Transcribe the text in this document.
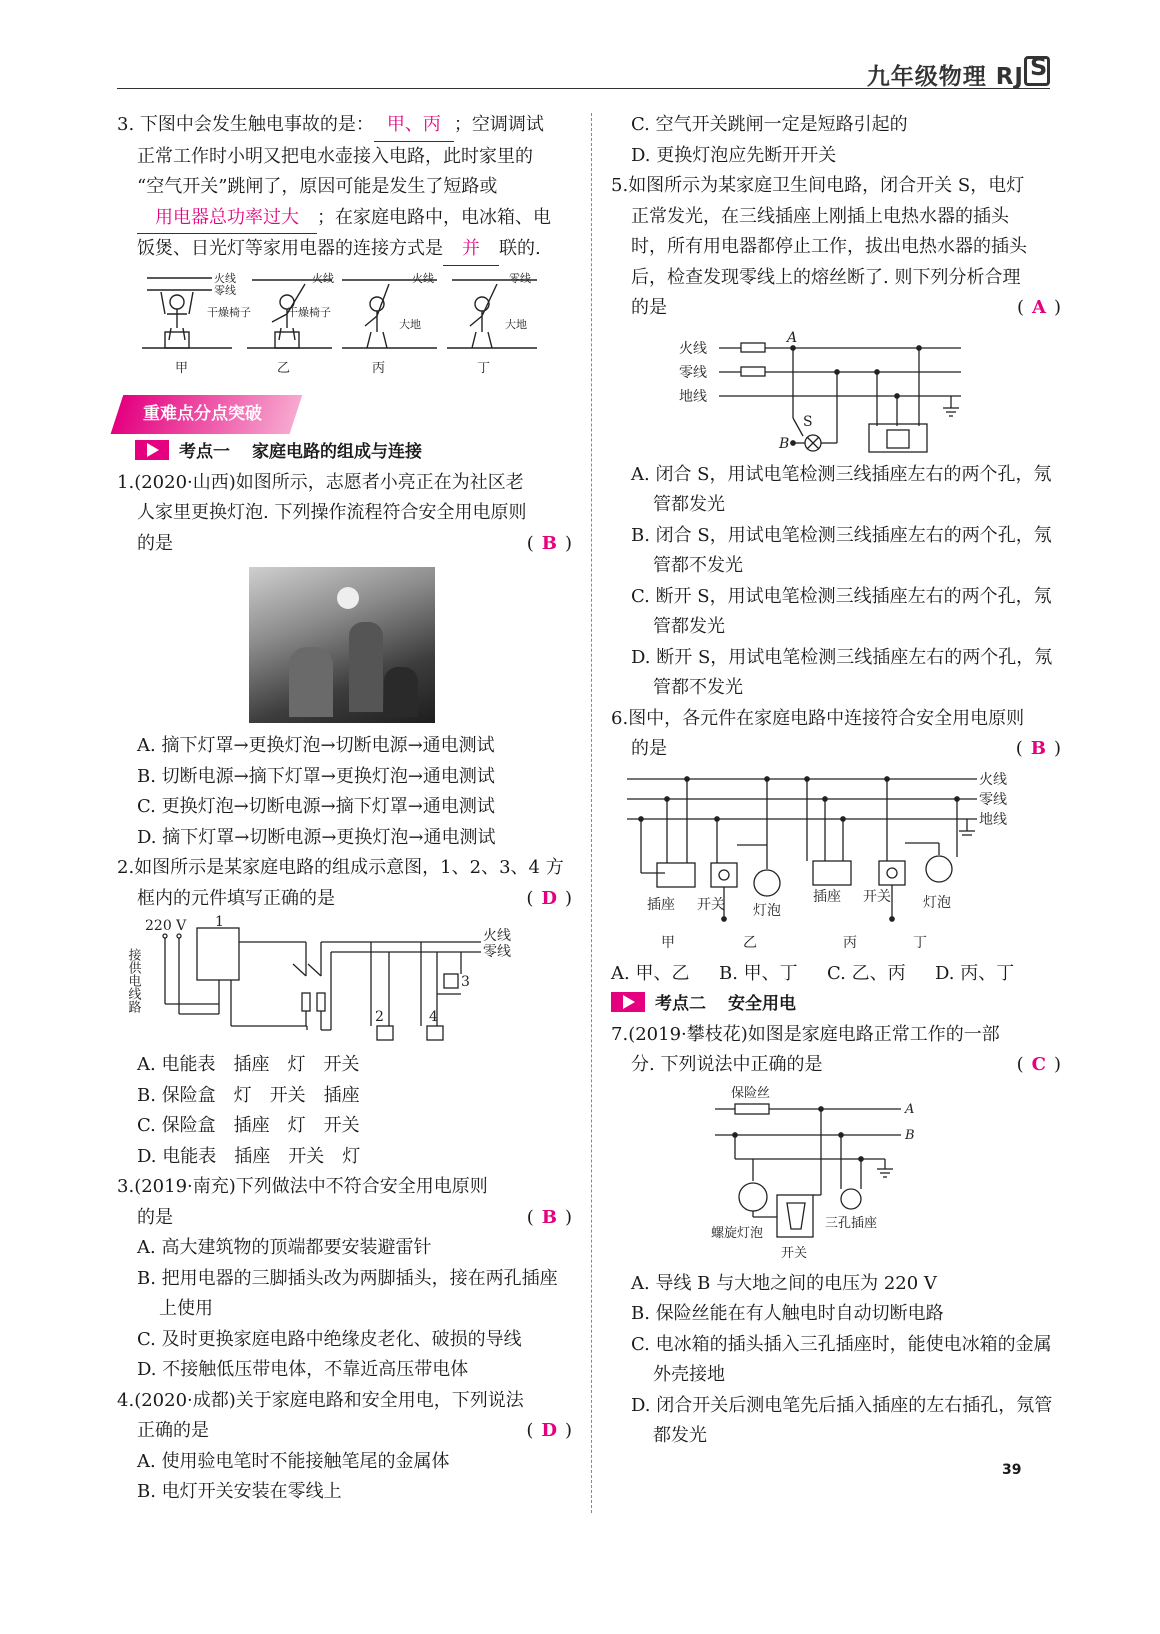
九年级物理 RJ
S
3. 下图中会发生触电事故的是： 甲、丙 ；空调调试
正常工作时小明又把电水壶接入电路，此时家里的
“空气开关”跳闸了，原因可能是发生了短路或
用电器总功率过大 ；在家庭电路中，电冰箱、电
饭煲、日光灯等家用电器的连接方式是 并 联的.
火线
零线
干燥椅子
火线
干燥椅子
火线
大地
零线
大地
甲	乙	丙	丁
重难点分点突破
考点一 家庭电路的组成与连接
1.(2020·山西)如图所示，志愿者小亮正在为社区老
人家里更换灯泡. 下列操作流程符合安全用电原则
的是	( B )
A. 摘下灯罩→更换灯泡→切断电源→通电测试
B. 切断电源→摘下灯罩→更换灯泡→通电测试
C. 更换灯泡→切断电源→摘下灯罩→通电测试
D. 摘下灯罩→切断电源→更换灯泡→通电测试
2.如图所示是某家庭电路的组成示意图，1、2、3、4 方
框内的元件填写正确的是	( D )
220 V 1
2
3
4
火线
零线
接供电线路
A. 电能表　插座　灯　开关
B. 保险盒　灯　开关　插座
C. 保险盒　插座　灯　开关
D. 电能表　插座　开关　灯
3.(2019·南充)下列做法中不符合安全用电原则
的是	( B )
A. 高大建筑物的顶端都要安装避雷针
B. 把用电器的三脚插头改为两脚插头，接在两孔插座上使用
C. 及时更换家庭电路中绝缘皮老化、破损的导线
D. 不接触低压带电体，不靠近高压带电体
4.(2020·成都)关于家庭电路和安全用电，下列说法
正确的是	( D )
A. 使用验电笔时不能接触笔尾的金属体
B. 电灯开关安装在零线上
C. 空气开关跳闸一定是短路引起的
D. 更换灯泡应先断开开关
5.如图所示为某家庭卫生间电路，闭合开关 S，电灯
正常发光，在三线插座上刚插上电热水器的插头
时，所有用电器都停止工作，拔出电热水器的插头
后，检查发现零线上的熔丝断了. 则下列分析合理
的是	( A )
火线
零线
地线
A
B
S
A. 闭合 S，用试电笔检测三线插座左右的两个孔，氖管都发光
B. 闭合 S，用试电笔检测三线插座左右的两个孔，氖管都不发光
C. 断开 S，用试电笔检测三线插座左右的两个孔，氖管都发光
D. 断开 S，用试电笔检测三线插座左右的两个孔，氖管都不发光
6.图中，各元件在家庭电路中连接符合安全用电原则
的是	( B )
火线
零线
地线
插座 开关 灯泡
插座 开关 灯泡
甲	乙	丙	丁
A. 甲、乙 B. 甲、丁 C. 乙、丙 D. 丙、丁
考点二 安全用电
7.(2019·攀枝花)如图是家庭电路正常工作的一部
分. 下列说法中正确的是	( C )
保险丝
A
B
螺旋灯泡
开关
三孔插座
A. 导线 B 与大地之间的电压为 220 V
B. 保险丝能在有人触电时自动切断电路
C. 电冰箱的插头插入三孔插座时，能使电冰箱的金属外壳接地
D. 闭合开关后测电笔先后插入插座的左右插孔，氖管都发光
39
